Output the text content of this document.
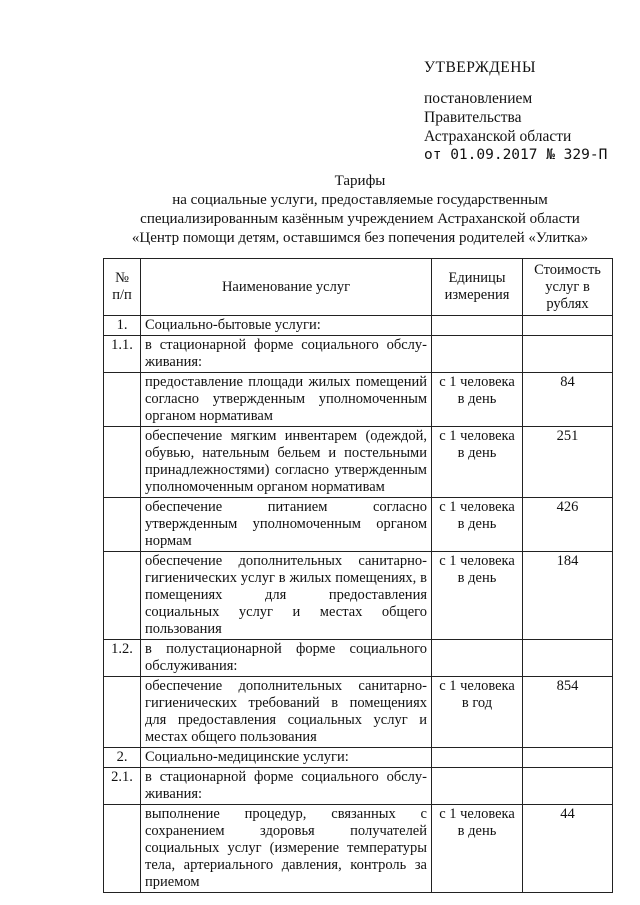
УТВЕРЖДЕНЫ
постановлением
Правительства
Астраханской области
от 01.09.2017 № 329-П
Тарифы
на социальные услуги, предоставляемые государственным
специализированным казённым учреждением Астраханской области
«Центр помощи детям, оставшимся без попечения родителей «Улитка»
№ п/п	Наименование услуг	Единицы измерения	Стоимость услуг в рублях
1.	Социально-бытовые услуги:		
1.1.	в стационарной форме социального обслу-живания:		
	предоставление площади жилых помещений согласно утвержденным уполномоченным органом нормативам	с 1 человека в день	84
	обеспечение мягким инвентарем (одеждой, обувью, нательным бельем и постельными принадлежностями) согласно утвержденным уполномоченным органом нормативам	с 1 человека в день	251
	обеспечение питанием согласно утвержденным уполномоченным органом нормам	с 1 человека в день	426
	обеспечение дополнительных санитарно-гигиенических услуг в жилых помещениях, в помещениях для предоставления социальных услуг и местах общего пользования	с 1 человека в день	184
1.2.	в полустационарной форме социального обслуживания:		
	обеспечение дополнительных санитарно-гигиенических требований в помещениях для предоставления социальных услуг и местах общего пользования	с 1 человека в год	854
2.	Социально-медицинские услуги:		
2.1.	в стационарной форме социального обслу-живания:		
	выполнение процедур, связанных с сохранением здоровья получателей социальных услуг (измерение температуры тела, артериального давления, контроль за приемом	с 1 человека в день	44
